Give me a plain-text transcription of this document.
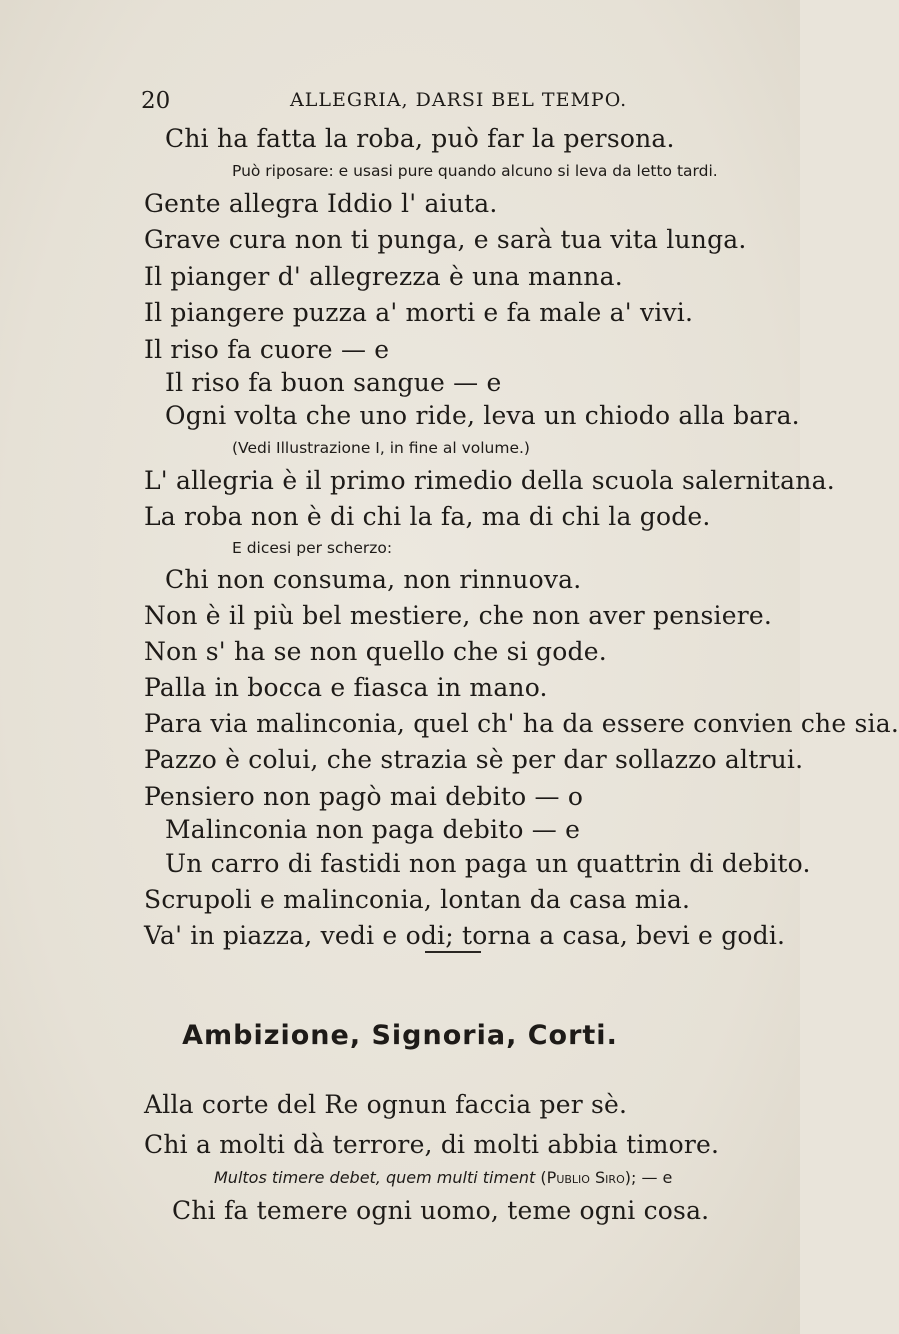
20	ALLEGRIA, DARSI BEL TEMPO.
Chi ha fatta la roba, può far la persona.
Può riposare: e usasi pure quando alcuno si leva da letto tardi.
Gente allegra Iddio l' aiuta.
Grave cura non ti punga, e sarà tua vita lunga.
Il pianger d' allegrezza è una manna.
Il piangere puzza a' morti e fa male a' vivi.
Il riso fa cuore — e
Il riso fa buon sangue — e
Ogni volta che uno ride, leva un chiodo alla bara.
(Vedi Illustrazione I, in fine al volume.)
L' allegria è il primo rimedio della scuola salernitana.
La roba non è di chi la fa, ma di chi la gode.
E dicesi per scherzo:
Chi non consuma, non rinnuova.
Non è il più bel mestiere, che non aver pensiere.
Non s' ha se non quello che si gode.
Palla in bocca e fiasca in mano.
Para via malinconia, quel ch' ha da essere convien che sia.
Pazzo è colui, che strazia sè per dar sollazzo altrui.
Pensiero non pagò mai debito — o
Malinconia non paga debito — e
Un carro di fastidi non paga un quattrin di debito.
Scrupoli e malinconia, lontan da casa mia.
Va' in piazza, vedi e odi; torna a casa, bevi e godi.
Ambizione, Signoria, Corti.
Alla corte del Re ognun faccia per sè.
Chi a molti dà terrore, di molti abbia timore.
Multos timere debet, quem multi timent (Publio Siro); — e
Chi fa temere ogni uomo, teme ogni cosa.
